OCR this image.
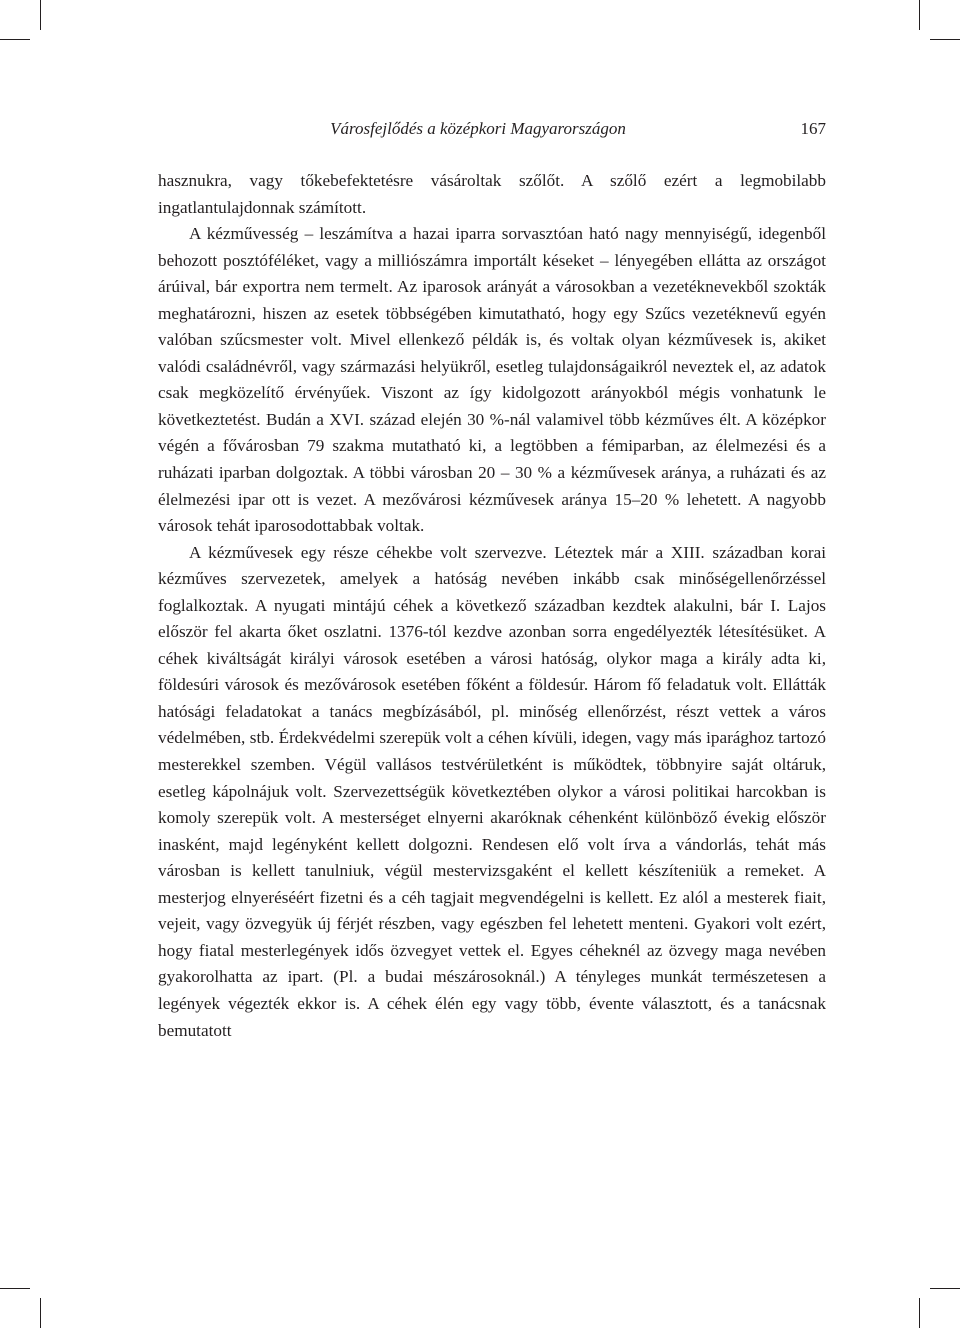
Városfejlődés a középkori Magyarországon	167

hasznukra, vagy tőkebefektetésre vásároltak szőlőt. A szőlő ezért a legmobilabb ingatlantulajdonnak számított.

A kézművesség – leszámítva a hazai iparra sorvasztóan ható nagy mennyiségű, idegenből behozott posztóféléket, vagy a milliószámra importált késeket – lényegében ellátta az országot árúival, bár exportra nem termelt. Az iparosok arányát a városokban a vezetéknevekből szokták meghatározni, hiszen az esetek többségében kimutatható, hogy egy Szűcs vezetéknevű egyén valóban szűcsmester volt. Mivel ellenkező példák is, és voltak olyan kézművesek is, akiket valódi családnévről, vagy származási helyükről, esetleg tulajdonságaikról neveztek el, az adatok csak megközelítő érvényűek. Viszont az így kidolgozott arányokból mégis vonhatunk le következtetést. Budán a XVI. század elején 30 %-nál valamivel több kézműves élt. A középkor végén a fővárosban 79 szakma mutatható ki, a legtöbben a fémiparban, az élelmezési és a ruházati iparban dolgoztak. A többi városban 20 – 30 % a kézművesek aránya, a ruházati és az élelmezési ipar ott is vezet. A mezővárosi kézművesek aránya 15–20 % lehetett. A nagyobb városok tehát iparosodottabbak voltak.

A kézművesek egy része céhekbe volt szervezve. Léteztek már a XIII. században korai kézműves szervezetek, amelyek a hatóság nevében inkább csak minőségellenőrzéssel foglalkoztak. A nyugati mintájú céhek a következő században kezdtek alakulni, bár I. Lajos először fel akarta őket oszlatni. 1376-tól kezdve azonban sorra engedélyezték létesítésüket. A céhek kiváltságát királyi városok esetében a városi hatóság, olykor maga a király adta ki, földesúri városok és mezővárosok esetében főként a földesúr. Három fő feladatuk volt. Ellátták hatósági feladatokat a tanács megbízásából, pl. minőség ellenőrzést, részt vettek a város védelmében, stb. Érdekvédelmi szerepük volt a céhen kívüli, idegen, vagy más iparághoz tartozó mesterekkel szemben. Végül vallásos testvérületként is működtek, többnyire saját oltáruk, esetleg kápolnájuk volt. Szervezettségük következtében olykor a városi politikai harcokban is komoly szerepük volt. A mesterséget elnyerni akaróknak céhenként különböző évekig először inasként, majd legényként kellett dolgozni. Rendesen elő volt írva a vándorlás, tehát más városban is kellett tanulniuk, végül mestervizsgaként el kellett készíteniük a remeket. A mesterjog elnyeréséért fizetni és a céh tagjait megvendégelni is kellett. Ez alól a mesterek fiait, vejeit, vagy özvegyük új férjét részben, vagy egészben fel lehetett menteni. Gyakori volt ezért, hogy fiatal mesterlegények idős özvegyet vettek el. Egyes céheknél az özvegy maga nevében gyakorolhatta az ipart. (Pl. a budai mészárosoknál.) A tényleges munkát természetesen a legények végezték ekkor is. A céhek élén egy vagy több, évente választott, és a tanácsnak bemutatott
